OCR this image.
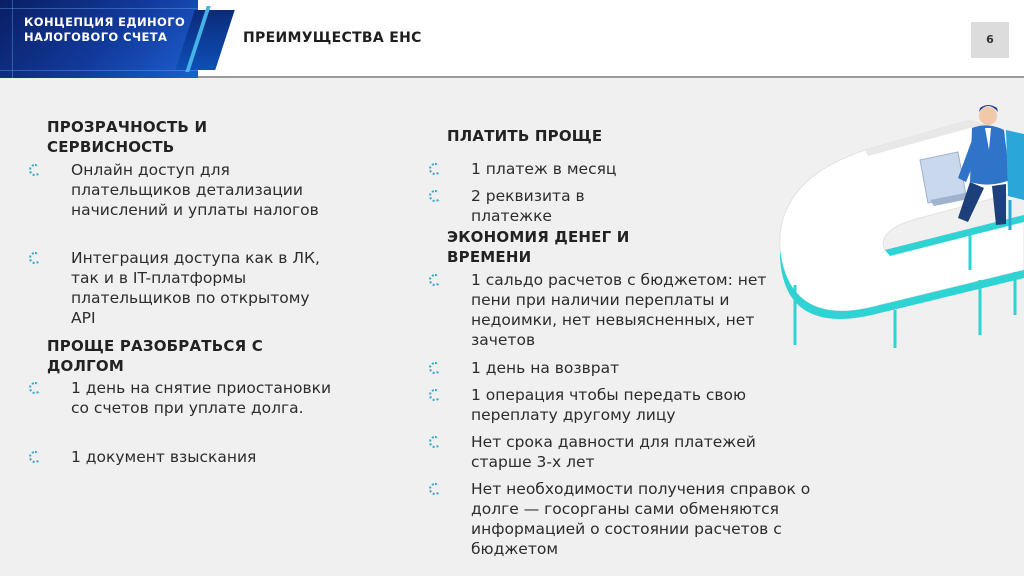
КОНЦЕПЦИЯ ЕДИНОГО НАЛОГОВОГО СЧЕТА	ПРЕИМУЩЕСТВА ЕНС	6
ПРОЗРАЧНОСТЬ И СЕРВИСНОСТЬ
Онлайн доступ для плательщиков детализации начислений и уплаты налогов
Интеграция доступа как в ЛК, так и в IT-платформы плательщиков по открытому API
ПРОЩЕ РАЗОБРАТЬСЯ С ДОЛГОМ
1 день на снятие приостановки со счетов при уплате долга.
1 документ взыскания
ПЛАТИТЬ ПРОЩЕ
1 платеж в месяц
2 реквизита в платежке
ЭКОНОМИЯ ДЕНЕГ И ВРЕМЕНИ
1 сальдо расчетов с бюджетом: нет пени при наличии переплаты и недоимки, нет невыясненных, нет зачетов
1 день на возврат
1 операция чтобы передать свою переплату другому лицу
Нет срока давности для платежей старше 3-х лет
Нет необходимости получения справок о долге — госорганы сами обменяются информацией о состоянии расчетов с бюджетом
